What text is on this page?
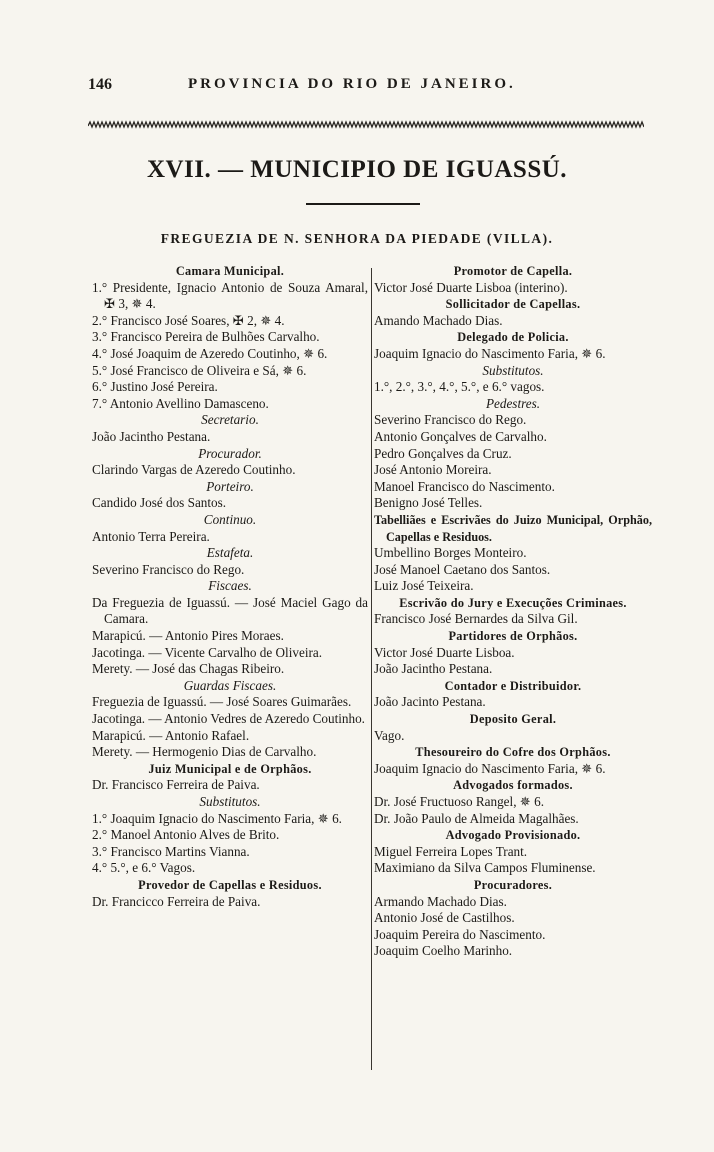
146	PROVINCIA DO RIO DE JANEIRO.
XVII. — MUNICIPIO DE IGUASSÚ.
FREGUEZIA DE N. SENHORA DA PIEDADE (VILLA).
Camara Municipal.
1.° Presidente, Ignacio Antonio de Souza Amaral, ✠ 3, ✵ 4.
2.° Francisco José Soares, ✠ 2, ✵ 4.
3.° Francisco Pereira de Bulhões Carvalho.
4.° José Joaquim de Azeredo Coutinho, ✵ 6.
5.° José Francisco de Oliveira e Sá, ✵ 6.
6.° Justino José Pereira.
7.° Antonio Avellino Damasceno.
Secretario.
João Jacintho Pestana.
Procurador.
Clarindo Vargas de Azeredo Coutinho.
Porteiro.
Candido José dos Santos.
Continuo.
Antonio Terra Pereira.
Estafeta.
Severino Francisco do Rego.
Fiscaes.
Da Freguezia de Iguassú. — José Maciel Gago da Camara.
Marapicú. — Antonio Pires Moraes.
Jacotinga. — Vicente Carvalho de Oliveira.
Merety. — José das Chagas Ribeiro.
Guardas Fiscaes.
Freguezia de Iguassú. — José Soares Guimarães.
Jacotinga. — Antonio Vedres de Azeredo Coutinho.
Marapicú. — Antonio Rafael.
Merety. — Hermogenio Dias de Carvalho.
Juiz Municipal e de Orphãos.
Dr. Francisco Ferreira de Paiva.
Substitutos.
1.° Joaquim Ignacio do Nascimento Faria, ✵ 6.
2.° Manoel Antonio Alves de Brito.
3.° Francisco Martins Vianna.
4.° 5.°, e 6.° Vagos.
Provedor de Capellas e Residuos.
Dr. Francicco Ferreira de Paiva.
Promotor de Capella.
Victor José Duarte Lisboa (interino).
Sollicitador de Capellas.
Amando Machado Dias.
Delegado de Policia.
Joaquim Ignacio do Nascimento Faria, ✵ 6.
Substitutos.
1.°, 2.°, 3.°, 4.°, 5.°, e 6.° vagos.
Pedestres.
Severino Francisco do Rego.
Antonio Gonçalves de Carvalho.
Pedro Gonçalves da Cruz.
José Antonio Moreira.
Manoel Francisco do Nascimento.
Benigno José Telles.
Tabelliães e Escrivães do Juizo Municipal, Orphão, Capellas e Residuos.
Umbellino Borges Monteiro.
José Manoel Caetano dos Santos.
Luiz José Teixeira.
Escrivão do Jury e Execuções Criminaes.
Francisco José Bernardes da Silva Gil.
Partidores de Orphãos.
Victor José Duarte Lisboa.
João Jacintho Pestana.
Contador e Distribuidor.
João Jacinto Pestana.
Deposito Geral.
Vago.
Thesoureiro do Cofre dos Orphãos.
Joaquim Ignacio do Nascimento Faria, ✵ 6.
Advogados formados.
Dr. José Fructuoso Rangel, ✵ 6.
Dr. João Paulo de Almeida Magalhães.
Advogado Provisionado.
Miguel Ferreira Lopes Trant.
Maximiano da Silva Campos Fluminense.
Procuradores.
Armando Machado Dias.
Antonio José de Castilhos.
Joaquim Pereira do Nascimento.
Joaquim Coelho Marinho.
